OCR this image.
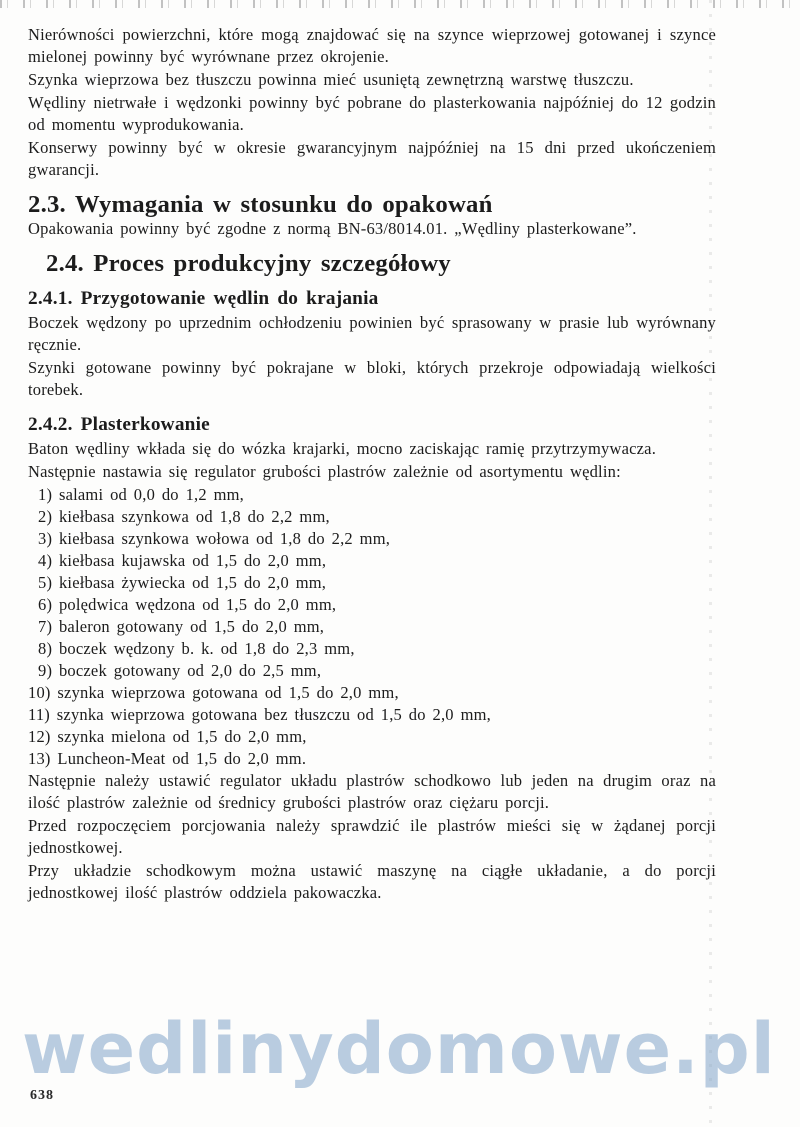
Nierówności powierzchni, które mogą znajdować się na szynce wieprzowej gotowanej i szynce mielonej powinny być wyrównane przez okrojenie.

Szynka wieprzowa bez tłuszczu powinna mieć usuniętą zewnętrzną warstwę tłuszczu.

Wędliny nietrwałe i wędzonki powinny być pobrane do plasterkowania najpóźniej do 12 godzin od momentu wyprodukowania.

Konserwy powinny być w okresie gwarancyjnym najpóźniej na 15 dni przed ukończeniem gwarancji.

2.3. Wymagania w stosunku do opakowań

Opakowania powinny być zgodne z normą BN-63/8014.01. „Wędliny plasterkowane”.

2.4. Proces produkcyjny szczegółowy
2.4.1. Przygotowanie wędlin do krajania

Boczek wędzony po uprzednim ochłodzeniu powinien być sprasowany w prasie lub wyrównany ręcznie.

Szynki gotowane powinny być pokrajane w bloki, których przekroje odpowiadają wielkości torebek.

2.4.2. Plasterkowanie

Baton wędliny wkłada się do wózka krajarki, mocno zaciskając ramię przytrzymywacza.

Następnie nastawia się regulator grubości plastrów zależnie od asortymentu wędlin:

1) salami od 0,0 do 1,2 mm,
2) kiełbasa szynkowa od 1,8 do 2,2 mm,
3) kiełbasa szynkowa wołowa od 1,8 do 2,2 mm,
4) kiełbasa kujawska od 1,5 do 2,0 mm,
5) kiełbasa żywiecka od 1,5 do 2,0 mm,
6) polędwica wędzona od 1,5 do 2,0 mm,
7) baleron gotowany od 1,5 do 2,0 mm,
8) boczek wędzony b. k. od 1,8 do 2,3 mm,
9) boczek gotowany od 2,0 do 2,5 mm,
10) szynka wieprzowa gotowana od 1,5 do 2,0 mm,
11) szynka wieprzowa gotowana bez tłuszczu od 1,5 do 2,0 mm,
12) szynka mielona od 1,5 do 2,0 mm,
13) Luncheon-Meat od 1,5 do 2,0 mm.

Następnie należy ustawić regulator układu plastrów schodkowo lub jeden na drugim oraz na ilość plastrów zależnie od średnicy grubości plastrów oraz ciężaru porcji.

Przed rozpoczęciem porcjowania należy sprawdzić ile plastrów mieści się w żądanej porcji jednostkowej.

Przy układzie schodkowym można ustawić maszynę na ciągłe układanie, a do porcji jednostkowej ilość plastrów oddziela pakowaczka.

wedlinydomowe.pl
638
